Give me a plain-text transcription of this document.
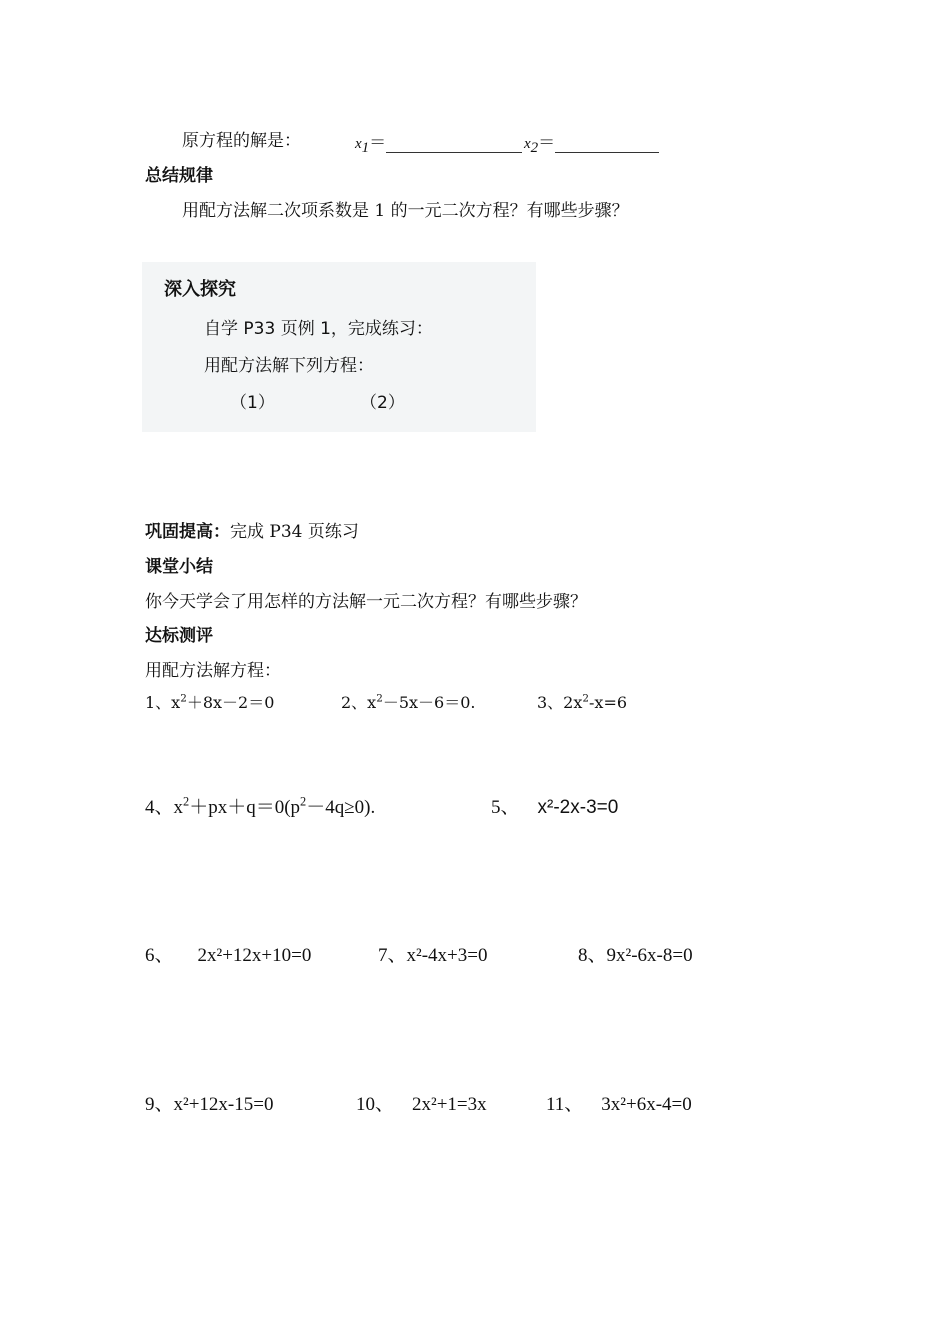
原方程的解是：	$x_1=$	$x_2=$
总结规律
用配方法解二次项系数是 1 的一元二次方程？有哪些步骤？
深入探究
自学 P33 页例 1，完成练习：
用配方法解下列方程：
（1）	（2）
巩固提高：完成 P34 页练习
课堂小结
你今天学会了用怎样的方法解一元二次方程？有哪些步骤？
达标测评
用配方法解方程：
1、$x^2+8x-2=0$	2、$x^2-5x-6=0$.	3、$2x^2-x=6$
4、$x^2+px+q=0(p^2-4q\ge 0)$.	5、 x²-2x-3=0
6、 2x²+12x+10=0	7、x²-4x+3=0	8、9x²-6x-8=0
9、x²+12x-15=0	10、 2x²+1=3x	11、 3x²+6x-4=0
